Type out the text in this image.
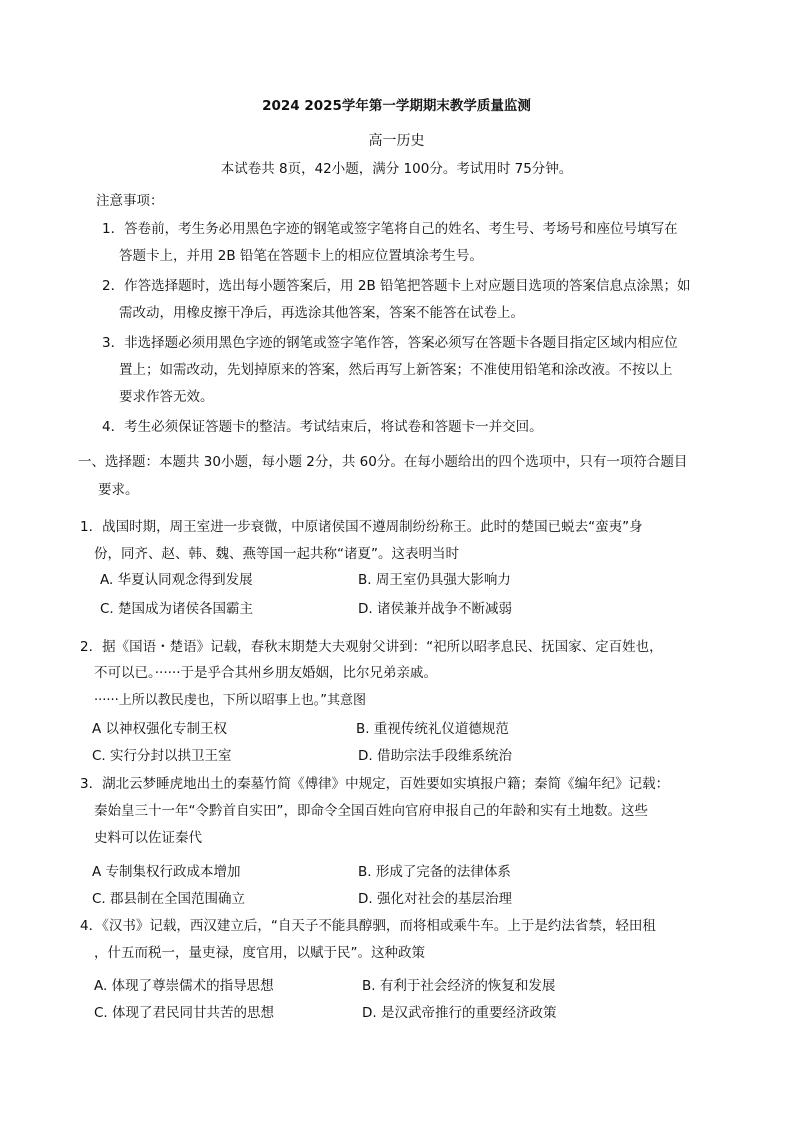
2024 2025学年第一学期期末教学质量监测
高一历史
本试卷共 8页，42小题，满分 100分。考试用时 75分钟。
注意事项：
1．答卷前，考生务必用黑色字迹的钢笔或签字笔将自己的姓名、考生号、考场号和座位号填写在
答题卡上，并用 2B 铅笔在答题卡上的相应位置填涂考生号。
2．作答选择题时，选出每小题答案后，用 2B 铅笔把答题卡上对应题目选项的答案信息点涂黑；如
需改动，用橡皮擦干净后，再选涂其他答案，答案不能答在试卷上。
3．非选择题必须用黑色字迹的钢笔或签字笔作答，答案必须写在答题卡各题目指定区域内相应位
置上；如需改动，先划掉原来的答案，然后再写上新答案；不准使用铅笔和涂改液。不按以上
要求作答无效。
4．考生必须保证答题卡的整洁。考试结束后，将试卷和答题卡一并交回。
一、选择题：本题共 30小题，每小题 2分，共 60分。在每小题给出的四个选项中，只有一项符合题目
要求。
1．战国时期，周王室进一步衰微，中原诸侯国不遵周制纷纷称王。此时的楚国已蜕去“蛮夷”身
份，同齐、赵、韩、魏、燕等国一起共称“诸夏”。这表明当时
A. 华夏认同观念得到发展	B. 周王室仍具强大影响力
C. 楚国成为诸侯各国霸主	D. 诸侯兼并战争不断减弱
2．据《国语・楚语》记载，春秋末期楚大夫观射父讲到：“祀所以昭孝息民、抚国家、定百姓也，
不可以已。······于是乎合其州乡朋友婚姻，比尔兄弟亲戚。
······上所以教民虔也，下所以昭事上也。”其意图
A 以神权强化专制王权	B. 重视传统礼仪道德规范
C. 实行分封以拱卫王室	D. 借助宗法手段维系统治
3．湖北云梦睡虎地出土的秦墓竹简《傅律》中规定，百姓要如实填报户籍；秦简《编年纪》记载：
秦始皇三十一年“令黔首自实田”，即命令全国百姓向官府申报自己的年龄和实有土地数。这些
史料可以佐证秦代
A 专制集权行政成本增加	B. 形成了完备的法律体系
C. 郡县制在全国范围确立	D. 强化对社会的基层治理
4．《汉书》记载，西汉建立后，“自天子不能具醇驷，而将相或乘牛车。上于是约法省禁，轻田租
，什五而税一，量吏禄，度官用，以赋于民”。这种政策
A. 体现了尊崇儒术的指导思想	B. 有利于社会经济的恢复和发展
C. 体现了君民同甘共苦的思想	D. 是汉武帝推行的重要经济政策
